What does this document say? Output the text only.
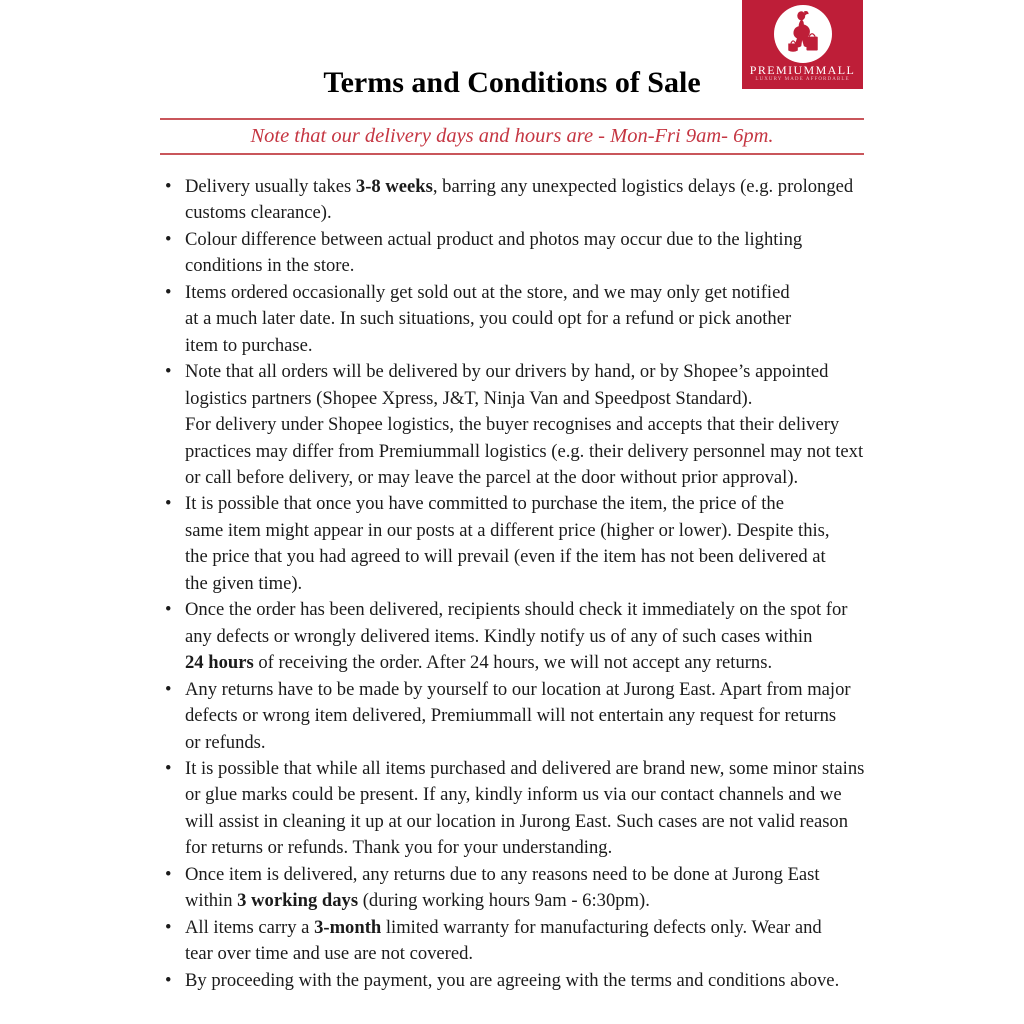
PREMIUMMALL
LUXURY MADE AFFORDABLE
Terms and Conditions of Sale
Note that our delivery days and hours are - Mon-Fri 9am- 6pm.
• Delivery usually takes 3-8 weeks, barring any unexpected logistics delays (e.g. prolonged
customs clearance).
• Colour difference between actual product and photos may occur due to the lighting
conditions in the store.
• Items ordered occasionally get sold out at the store, and we may only get notified
at a much later date. In such situations, you could opt for a refund or pick another
item to purchase.
• Note that all orders will be delivered by our drivers by hand, or by Shopee’s appointed
logistics partners (Shopee Xpress, J&T, Ninja Van and Speedpost Standard).
For delivery under Shopee logistics, the buyer recognises and accepts that their delivery
practices may differ from Premiummall logistics (e.g. their delivery personnel may not text
or call before delivery, or may leave the parcel at the door without prior approval).
• It is possible that once you have committed to purchase the item, the price of the
same item might appear in our posts at a different price (higher or lower). Despite this,
the price that you had agreed to will prevail (even if the item has not been delivered at
the given time).
• Once the order has been delivered, recipients should check it immediately on the spot for
any defects or wrongly delivered items. Kindly notify us of any of such cases within
24 hours of receiving the order. After 24 hours, we will not accept any returns.
• Any returns have to be made by yourself to our location at Jurong East. Apart from major
defects or wrong item delivered, Premiummall will not entertain any request for returns
or refunds.
• It is possible that while all items purchased and delivered are brand new, some minor stains
or glue marks could be present. If any, kindly inform us via our contact channels and we
will assist in cleaning it up at our location in Jurong East. Such cases are not valid reason
for returns or refunds. Thank you for your understanding.
• Once item is delivered, any returns due to any reasons need to be done at Jurong East
within 3 working days (during working hours 9am - 6:30pm).
• All items carry a 3-month limited warranty for manufacturing defects only. Wear and
tear over time and use are not covered.
• By proceeding with the payment, you are agreeing with the terms and conditions above.
